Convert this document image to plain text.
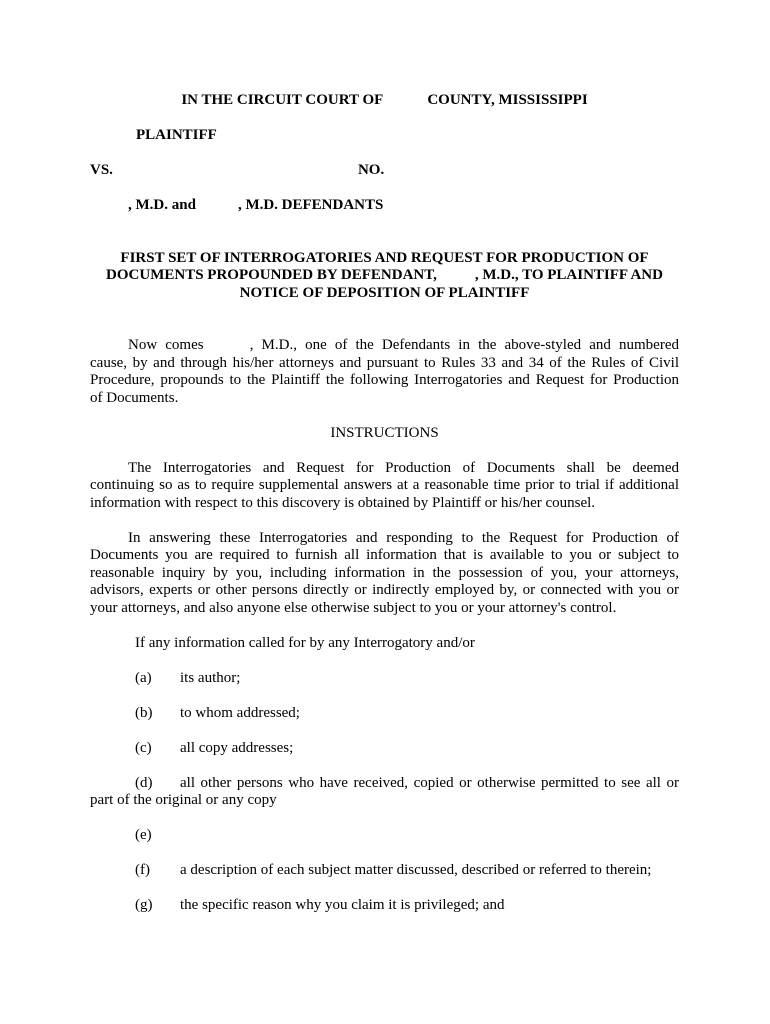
IN THE CIRCUIT COURT OF	COUNTY, MISSISSIPPI
PLAINTIFF
VS.	NO.
, M.D. and	, M.D. DEFENDANTS
FIRST SET OF INTERROGATORIES AND REQUEST FOR PRODUCTION OF
DOCUMENTS PROPOUNDED BY DEFENDANT,	, M.D., TO PLAINTIFF AND
NOTICE OF DEPOSITION OF PLAINTIFF
Now comes	, M.D., one of the Defendants in the above-styled and numbered
cause, by and through his/her attorneys and pursuant to Rules 33 and 34 of the Rules of Civil
Procedure, propounds to the Plaintiff the following Interrogatories and Request for Production
of Documents.
INSTRUCTIONS
The Interrogatories and Request for Production of Documents shall be deemed
continuing so as to require supplemental answers at a reasonable time prior to trial if additional
information with respect to this discovery is obtained by Plaintiff or his/her counsel.
In answering these Interrogatories and responding to the Request for Production of
Documents you are required to furnish all information that is available to you or subject to
reasonable inquiry by you, including information in the possession of you, your attorneys,
advisors, experts or other persons directly or indirectly employed by, or connected with you or
your attorneys, and also anyone else otherwise subject to you or your attorney's control.
If any information called for by any Interrogatory and/or
(a) its author;
(b) to whom addressed;
(c) all copy addresses;
(d) all other persons who have received, copied or otherwise permitted to see all or
part of the original or any copy
(e)
(f) a description of each subject matter discussed, described or referred to therein;
(g) the specific reason why you claim it is privileged; and
